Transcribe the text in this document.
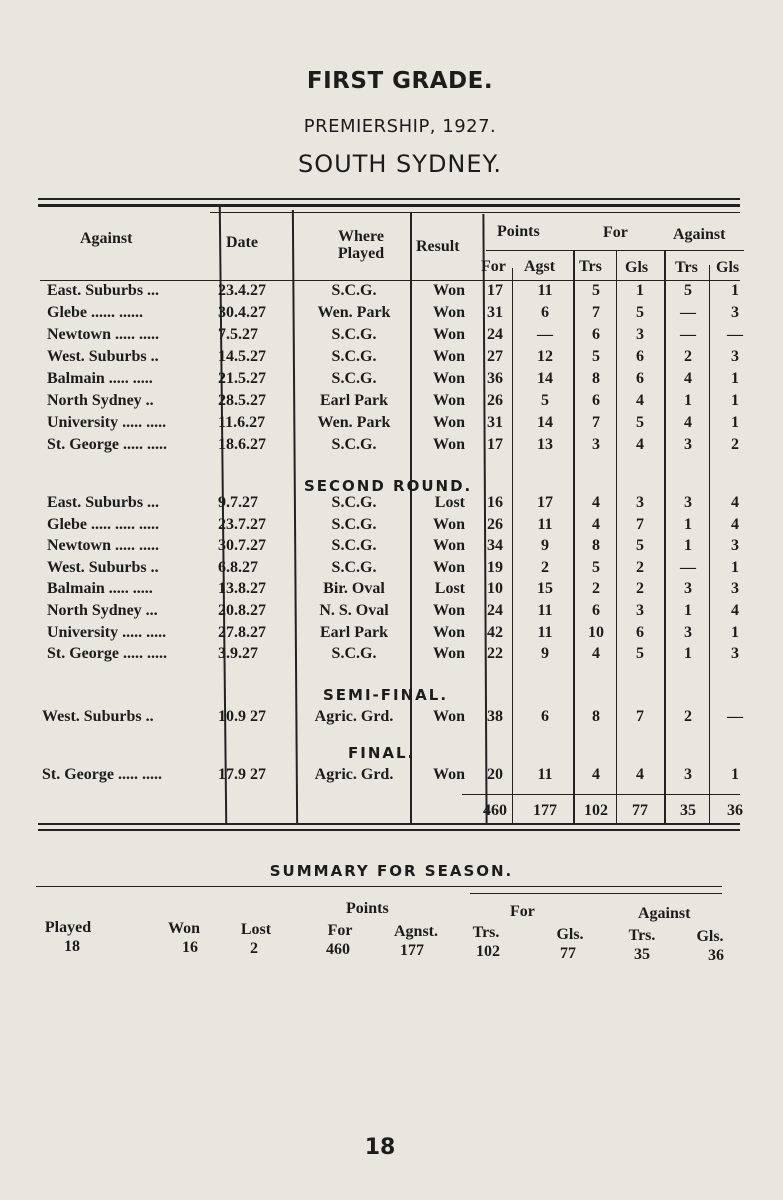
FIRST GRADE.
PREMIERSHIP, 1927.
SOUTH SYDNEY.
Against	Date	Where Played	Result
Points	For	Against
For Agst Trs Gls Trs Gls
East. Suburbs ...	23.4.27	S.C.G.	Won	17	11	5	1	5	1
Glebe ...... ......	30.4.27	Wen. Park	Won	31	6	7	5	—	3
Newtown ..... .....	7.5.27	S.C.G.	Won	24	—	6	3	—	—
West. Suburbs ..	14.5.27	S.C.G.	Won	27	12	5	6	2	3
Balmain ..... .....	21.5.27	S.C.G.	Won	36	14	8	6	4	1
North Sydney ..	28.5.27	Earl Park	Won	26	5	6	4	1	1
University ..... .....	11.6.27	Wen. Park	Won	31	14	7	5	4	1
St. George ..... .....	18.6.27	S.C.G.	Won	17	13	3	4	3	2
SECOND ROUND.
East. Suburbs ...	9.7.27	S.C.G.	Lost	16	17	4	3	3	4
Glebe ..... ..... .....	23.7.27	S.C.G.	Won	26	11	4	7	1	4
Newtown ..... .....	30.7.27	S.C.G.	Won	34	9	8	5	1	3
West. Suburbs ..	6.8.27	S.C.G.	Won	19	2	5	2	—	1
Balmain ..... .....	13.8.27	Bir. Oval	Lost	10	15	2	2	3	3
North Sydney ...	20.8.27	N. S. Oval	Won	24	11	6	3	1	4
University ..... .....	27.8.27	Earl Park	Won	42	11	10	6	3	1
St. George ..... .....	3.9.27	S.C.G.	Won	22	9	4	5	1	3
SEMI-FINAL.
West. Suburbs ..	10.9 27	Agric. Grd.	Won	38	6	8	7	2	—
FINAL.
St. George ..... .....	17.9 27	Agric. Grd.	Won	20	11	4	4	3	1
460	177	102	77	35	36
SUMMARY FOR SEASON.
Points	For	Against
Played	Won	Lost	For	Agnst.	Trs.	Gls.	Trs.	Gls.
18	16	2	460	177	102	77	35	36
18
